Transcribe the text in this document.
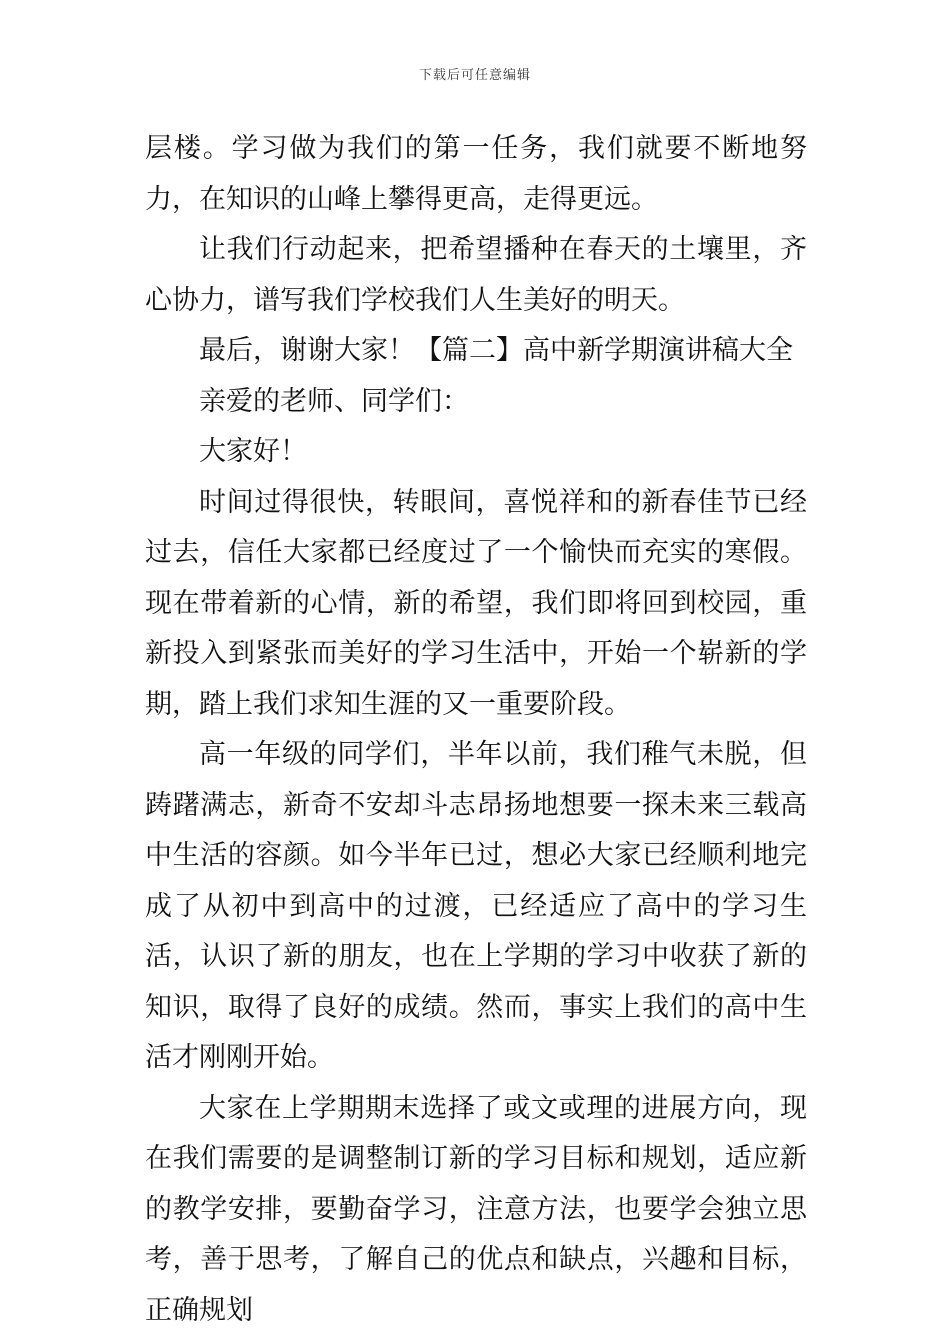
下载后可任意编辑

层楼。学习做为我们的第一任务，我们就要不断地努力，在知识的山峰上攀得更高，走得更远。

让我们行动起来，把希望播种在春天的土壤里，齐心协力，谱写我们学校我们人生美好的明天。

最后，谢谢大家！【篇二】高中新学期演讲稿大全

亲爱的老师、同学们：

大家好！

时间过得很快，转眼间，喜悦祥和的新春佳节已经过去，信任大家都已经度过了一个愉快而充实的寒假。现在带着新的心情，新的希望，我们即将回到校园，重新投入到紧张而美好的学习生活中，开始一个崭新的学期，踏上我们求知生涯的又一重要阶段。

高一年级的同学们，半年以前，我们稚气未脱，但踌躇满志，新奇不安却斗志昂扬地想要一探未来三载高中生活的容颜。如今半年已过，想必大家已经顺利地完成了从初中到高中的过渡，已经适应了高中的学习生活，认识了新的朋友，也在上学期的学习中收获了新的知识，取得了良好的成绩。然而，事实上我们的高中生活才刚刚开始。

大家在上学期期末选择了或文或理的进展方向，现在我们需要的是调整制订新的学习目标和规划，适应新的教学安排，要勤奋学习，注意方法，也要学会独立思考，善于思考，了解自己的优点和缺点，兴趣和目标，正确规划
